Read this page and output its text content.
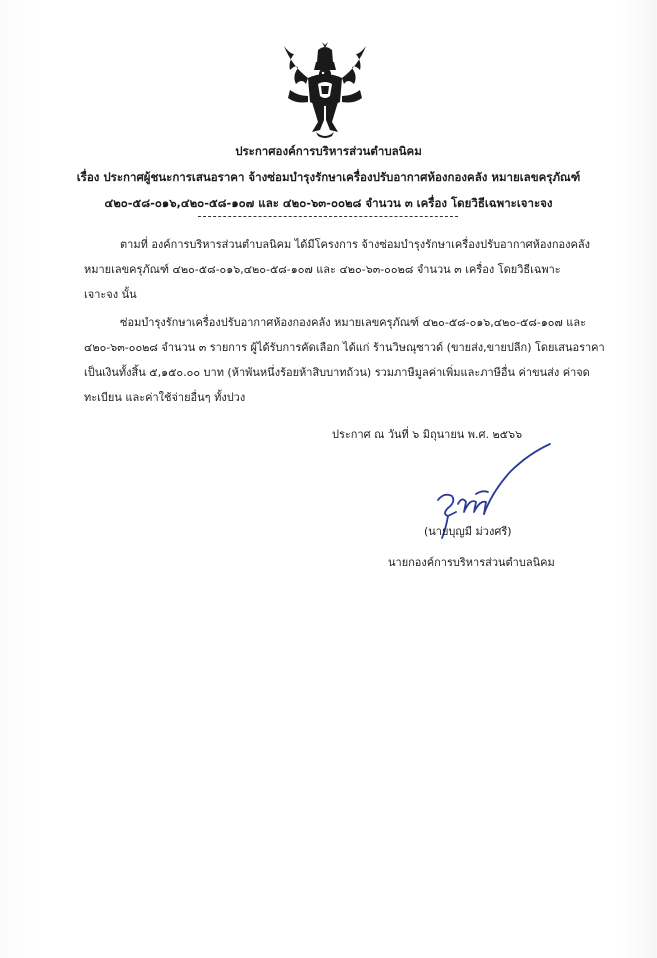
ประกาศองค์การบริหารส่วนตำบลนิคม
เรื่อง ประกาศผู้ชนะการเสนอราคา จ้างซ่อมบำรุงรักษาเครื่องปรับอากาศห้องกองคลัง หมายเลขครุภัณฑ์
๔๒๐-๕๘-๐๑๖,๔๒๐-๕๘-๑๐๗ และ ๔๒๐-๖๓-๐๐๒๘ จำนวน ๓ เครื่อง โดยวิธีเฉพาะเจาะจง
ตามที่ องค์การบริหารส่วนตำบลนิคม ได้มีโครงการ จ้างซ่อมบำรุงรักษาเครื่องปรับอากาศห้องกองคลัง
หมายเลขครุภัณฑ์ ๔๒๐-๕๘-๐๑๖,๔๒๐-๕๘-๑๐๗ และ ๔๒๐-๖๓-๐๐๒๘ จำนวน ๓ เครื่อง โดยวิธีเฉพาะ
เจาะจง นั้น
ซ่อมบำรุงรักษาเครื่องปรับอากาศห้องกองคลัง หมายเลขครุภัณฑ์ ๔๒๐-๕๘-๐๑๖,๔๒๐-๕๘-๑๐๗ และ
๔๒๐-๖๓-๐๐๒๘ จำนวน ๓ รายการ ผู้ได้รับการคัดเลือก ได้แก่ ร้านวิษณุซาวด์ (ขายส่ง,ขายปลีก) โดยเสนอราคา
เป็นเงินทั้งสิ้น ๕,๑๕๐.๐๐ บาท (ห้าพันหนึ่งร้อยห้าสิบบาทถ้วน) รวมภาษีมูลค่าเพิ่มและภาษีอื่น ค่าขนส่ง ค่าจด
ทะเบียน และค่าใช้จ่ายอื่นๆ ทั้งปวง
ประกาศ ณ วันที่ ๖ มิถุนายน พ.ศ. ๒๕๖๖
(นายบุญมี ม่วงศรี)
นายกองค์การบริหารส่วนตำบลนิคม
